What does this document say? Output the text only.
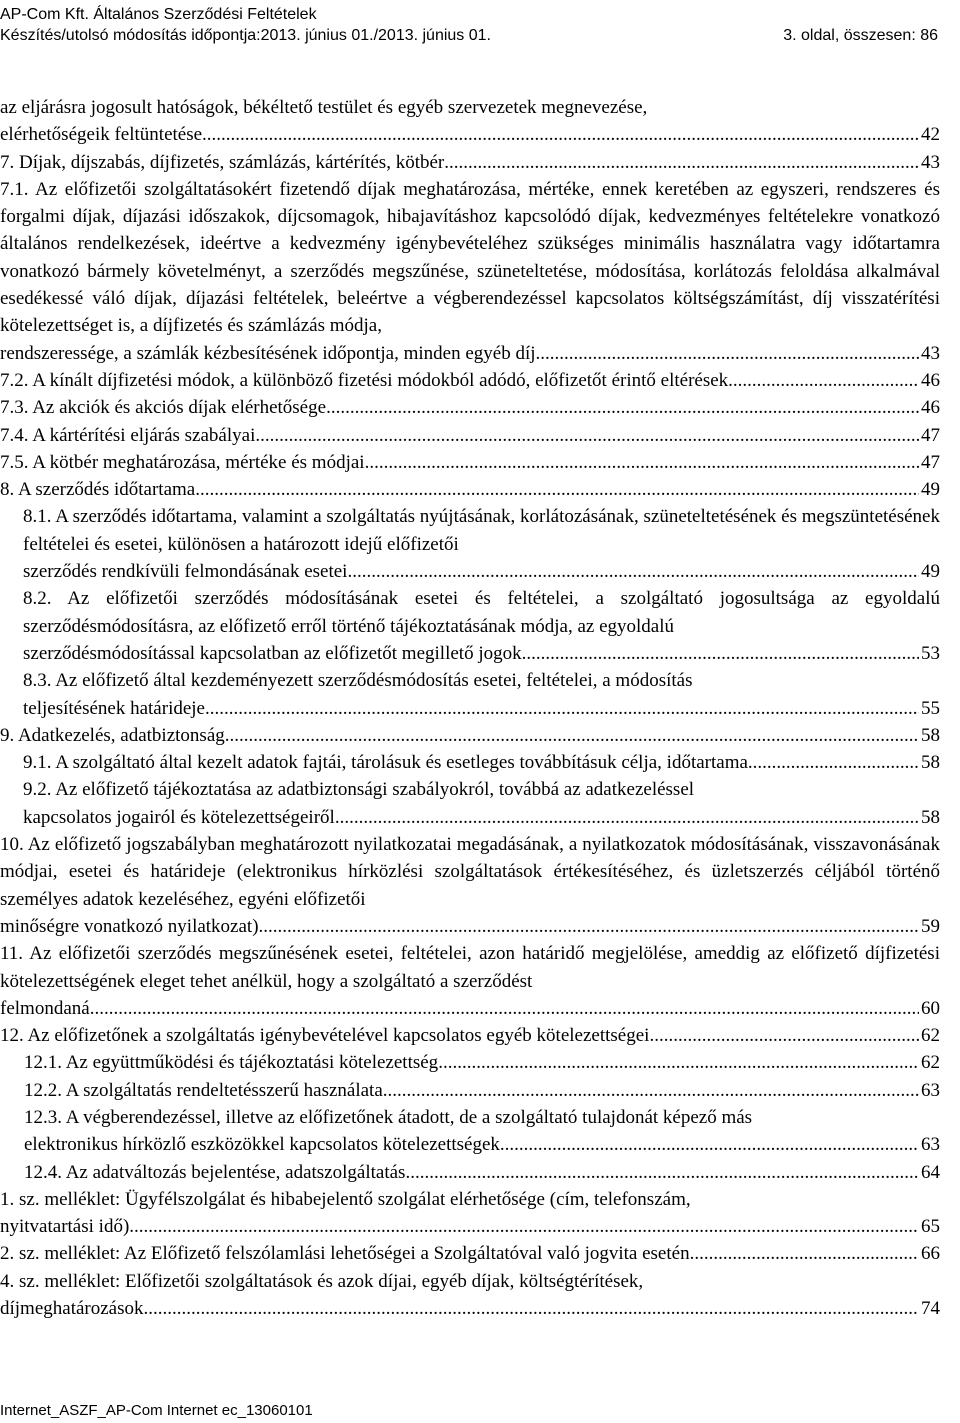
AP-Com Kft. Általános Szerződési Feltételek
Készítés/utolsó módosítás időpontja:2013. június 01./2013. június 01.	3. oldal, összesen: 86
az eljárásra jogosult hatóságok, békéltető testület és egyéb szervezetek megnevezése,
elérhetőségeik feltüntetése .....	42
7. Díjak, díjszabás, díjfizetés, számlázás, kártérítés, kötbér .....	43
7.1. Az előfizetői szolgáltatásokért fizetendő díjak meghatározása, mértéke, ennek keretében az egyszeri, rendszeres és forgalmi díjak, díjazási időszakok, díjcsomagok, hibajavításhoz kapcsolódó díjak, kedvezményes feltételekre vonatkozó általános rendelkezések, ideértve a kedvezmény igénybevételéhez szükséges minimális használatra vagy időtartamra vonatkozó bármely követelményt, a szerződés megszűnése, szüneteltetése, módosítása, korlátozás feloldása alkalmával esedékessé váló díjak, díjazási feltételek, beleértve a végberendezéssel kapcsolatos költségszámítást, díj visszatérítési kötelezettséget is, a díjfizetés és számlázás módja,
rendszeressége, a számlák kézbesítésének időpontja, minden egyéb díj .....	43
7.2. A kínált díjfizetési módok, a különböző fizetési módokból adódó, előfizetőt érintő eltérések .....	46
7.3. Az akciók és akciós díjak elérhetősége .....	46
7.4. A kártérítési eljárás szabályai .....	47
7.5. A kötbér meghatározása, mértéke és módjai .....	47
8. A szerződés időtartama .....	49
8.1. A szerződés időtartama, valamint a szolgáltatás nyújtásának, korlátozásának, szüneteltetésének és megszüntetésének feltételei és esetei, különösen a határozott idejű előfizetői
szerződés rendkívüli felmondásának esetei .....	49
8.2. Az előfizetői szerződés módosításának esetei és feltételei, a szolgáltató jogosultsága az egyoldalú szerződésmódosításra, az előfizető erről történő tájékoztatásának módja, az egyoldalú
szerződésmódosítással kapcsolatban az előfizetőt megillető jogok .....	53
8.3. Az előfizető által kezdeményezett szerződésmódosítás esetei, feltételei, a módosítás
teljesítésének határideje .....	55
9. Adatkezelés, adatbiztonság .....	58
9.1. A szolgáltató által kezelt adatok fajtái, tárolásuk és esetleges továbbításuk célja, időtartama .....	58
9.2. Az előfizető tájékoztatása az adatbiztonsági szabályokról, továbbá az adatkezeléssel
kapcsolatos jogairól és kötelezettségeiről .....	58
10. Az előfizető jogszabályban meghatározott nyilatkozatai megadásának, a nyilatkozatok módosításának, visszavonásának módjai, esetei és határideje (elektronikus hírközlési szolgáltatások értékesítéséhez, és üzletszerzés céljából történő személyes adatok kezeléséhez, egyéni előfizetői
minőségre vonatkozó nyilatkozat) .....	59
11. Az előfizetői szerződés megszűnésének esetei, feltételei, azon határidő megjelölése, ameddig az előfizető díjfizetési kötelezettségének eleget tehet anélkül, hogy a szolgáltató a szerződést
felmondaná .....	60
12. Az előfizetőnek a szolgáltatás igénybevételével kapcsolatos egyéb kötelezettségei .....	62
12.1. Az együttműködési és tájékoztatási kötelezettség .....	62
12.2. A szolgáltatás rendeltetésszerű használata .....	63
12.3. A végberendezéssel, illetve az előfizetőnek átadott, de a szolgáltató tulajdonát képező más
elektronikus hírközlő eszközökkel kapcsolatos kötelezettségek .....	63
12.4. Az adatváltozás bejelentése, adatszolgáltatás .....	64
1. sz. melléklet: Ügyfélszolgálat és hibabejelentő szolgálat elérhetősége (cím, telefonszám,
nyitvatartási idő) .....	65
2. sz. melléklet: Az Előfizető felszólamlási lehetőségei a Szolgáltatóval való jogvita esetén .....	66
4. sz. melléklet: Előfizetői szolgáltatások és azok díjai, egyéb díjak, költségtérítések,
díjmeghatározások .....	74
Internet_ASZF_AP-Com Internet ec_13060101
